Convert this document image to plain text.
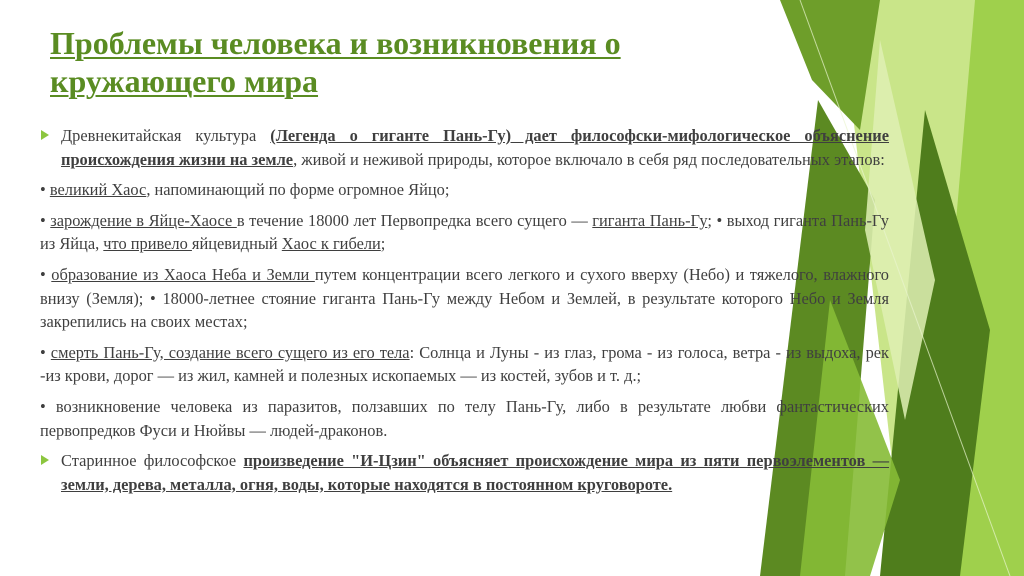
Проблемы человека и возникновения о
кружающего мира

Древнекитайская культура (Легенда о гиганте Пань-Гу) дает философски-мифологическое объяснение происхождения жизни на земле, живой и неживой природы, которое включало в себя ряд последовательных этапов:

• великий Хаос, напоминающий по форме огромное Яйцо;

• зарождение в Яйце-Хаосе в течение 18000 лет Первопредка всего сущего — гиганта Пань-Гу; • выход гиганта Пань-Гу из Яйца, что привело яйцевидный Хаос к гибели;

• образование из Хаоса Неба и Земли путем концентрации всего легкого и сухого вверху (Небо) и тяжелого, влажного внизу (Земля); • 18000-летнее стояние гиганта Пань-Гу между Небом и Землей, в результате которого Небо и Земля закрепились на своих местах;

• смерть Пань-Гу, создание всего сущего из его тела: Солнца и Луны - из глаз, грома - из голоса, ветра - из выдоха, рек -из крови, дорог — из жил, камней и полезных ископаемых — из костей, зубов и т. д.;

• возникновение человека из паразитов, ползавших по телу Пань-Гу, либо в результате любви фантастических первопредков Фуси и Нюйвы — людей-драконов.

Старинное философское произведение "И-Цзин" объясняет происхождение мира из пяти первоэлементов — земли, дерева, металла, огня, воды, которые находятся в постоянном круговороте.
